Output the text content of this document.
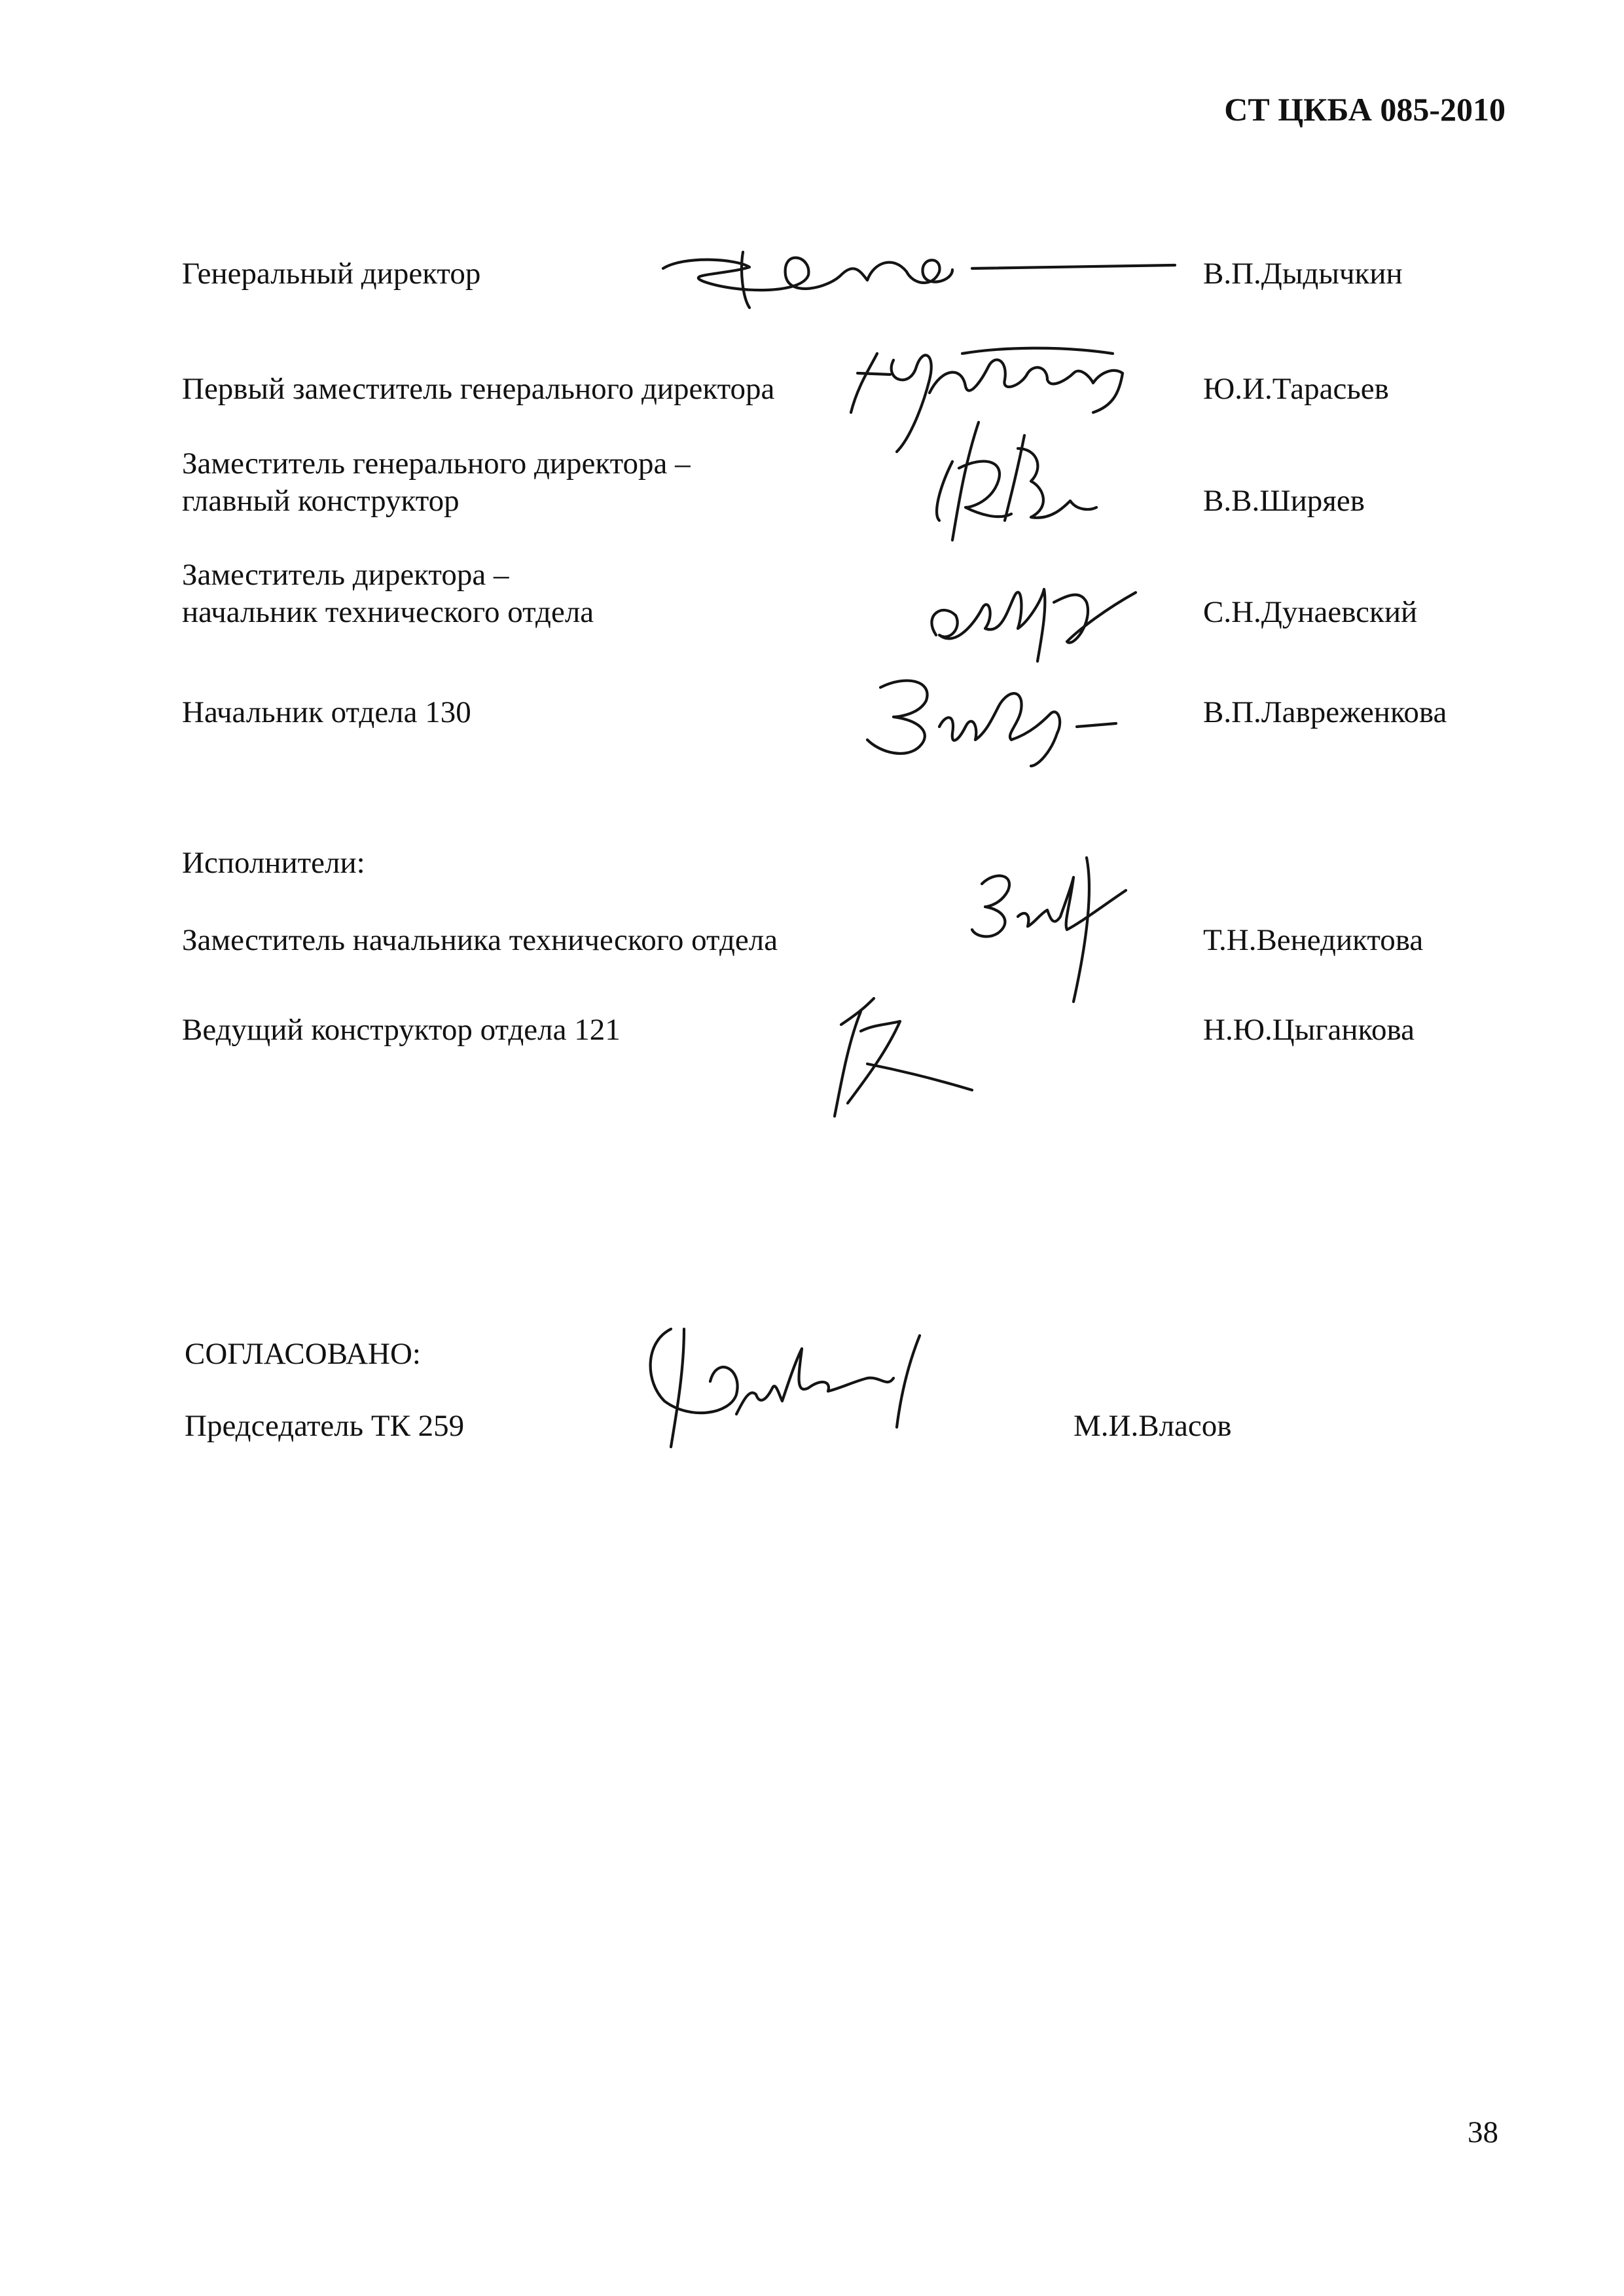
СТ ЦКБА 085-2010
Генеральный директор	В.П.Дыдычкин
Первый заместитель генерального директора	Ю.И.Тарасьев
Заместитель генерального директора –
главный конструктор	В.В.Ширяев
Заместитель директора –
начальник технического отдела	С.Н.Дунаевский
Начальник отдела 130	В.П.Лавреженкова
Исполнители:
Заместитель начальника технического отдела	Т.Н.Венедиктова
Ведущий конструктор отдела 121	Н.Ю.Цыганкова
СОГЛАСОВАНО:
Председатель ТК 259	М.И.Власов
38
